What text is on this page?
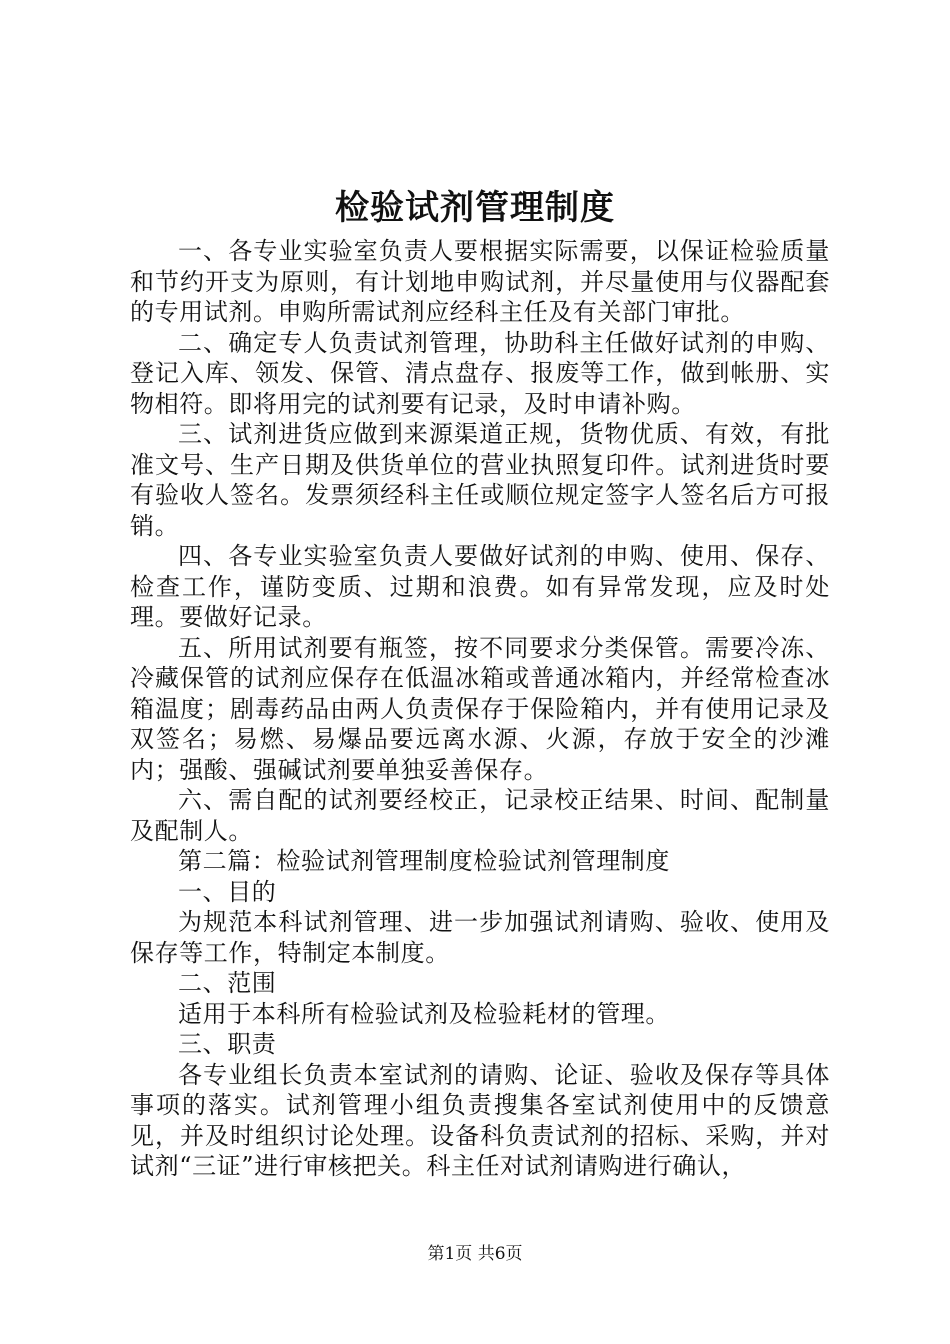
检验试剂管理制度

一、各专业实验室负责人要根据实际需要，以保证检验质量和节约开支为原则，有计划地申购试剂，并尽量使用与仪器配套的专用试剂。申购所需试剂应经科主任及有关部门审批。

二、确定专人负责试剂管理，协助科主任做好试剂的申购、登记入库、领发、保管、清点盘存、报废等工作，做到帐册、实物相符。即将用完的试剂要有记录，及时申请补购。

三、试剂进货应做到来源渠道正规，货物优质、有效，有批准文号、生产日期及供货单位的营业执照复印件。试剂进货时要有验收人签名。发票须经科主任或顺位规定签字人签名后方可报销。

四、各专业实验室负责人要做好试剂的申购、使用、保存、检查工作，谨防变质、过期和浪费。如有异常发现，应及时处理。要做好记录。

五、所用试剂要有瓶签，按不同要求分类保管。需要冷冻、冷藏保管的试剂应保存在低温冰箱或普通冰箱内，并经常检查冰箱温度；剧毒药品由两人负责保存于保险箱内，并有使用记录及双签名；易燃、易爆品要远离水源、火源，存放于安全的沙滩内；强酸、强碱试剂要单独妥善保存。

六、需自配的试剂要经校正，记录校正结果、时间、配制量及配制人。

第二篇：检验试剂管理制度检验试剂管理制度

一、目的

为规范本科试剂管理、进一步加强试剂请购、验收、使用及保存等工作，特制定本制度。

二、范围

适用于本科所有检验试剂及检验耗材的管理。

三、职责

各专业组长负责本室试剂的请购、论证、验收及保存等具体事项的落实。试剂管理小组负责搜集各室试剂使用中的反馈意见，并及时组织讨论处理。设备科负责试剂的招标、采购，并对试剂“三证”进行审核把关。科主任对试剂请购进行确认，

第1页 共6页
